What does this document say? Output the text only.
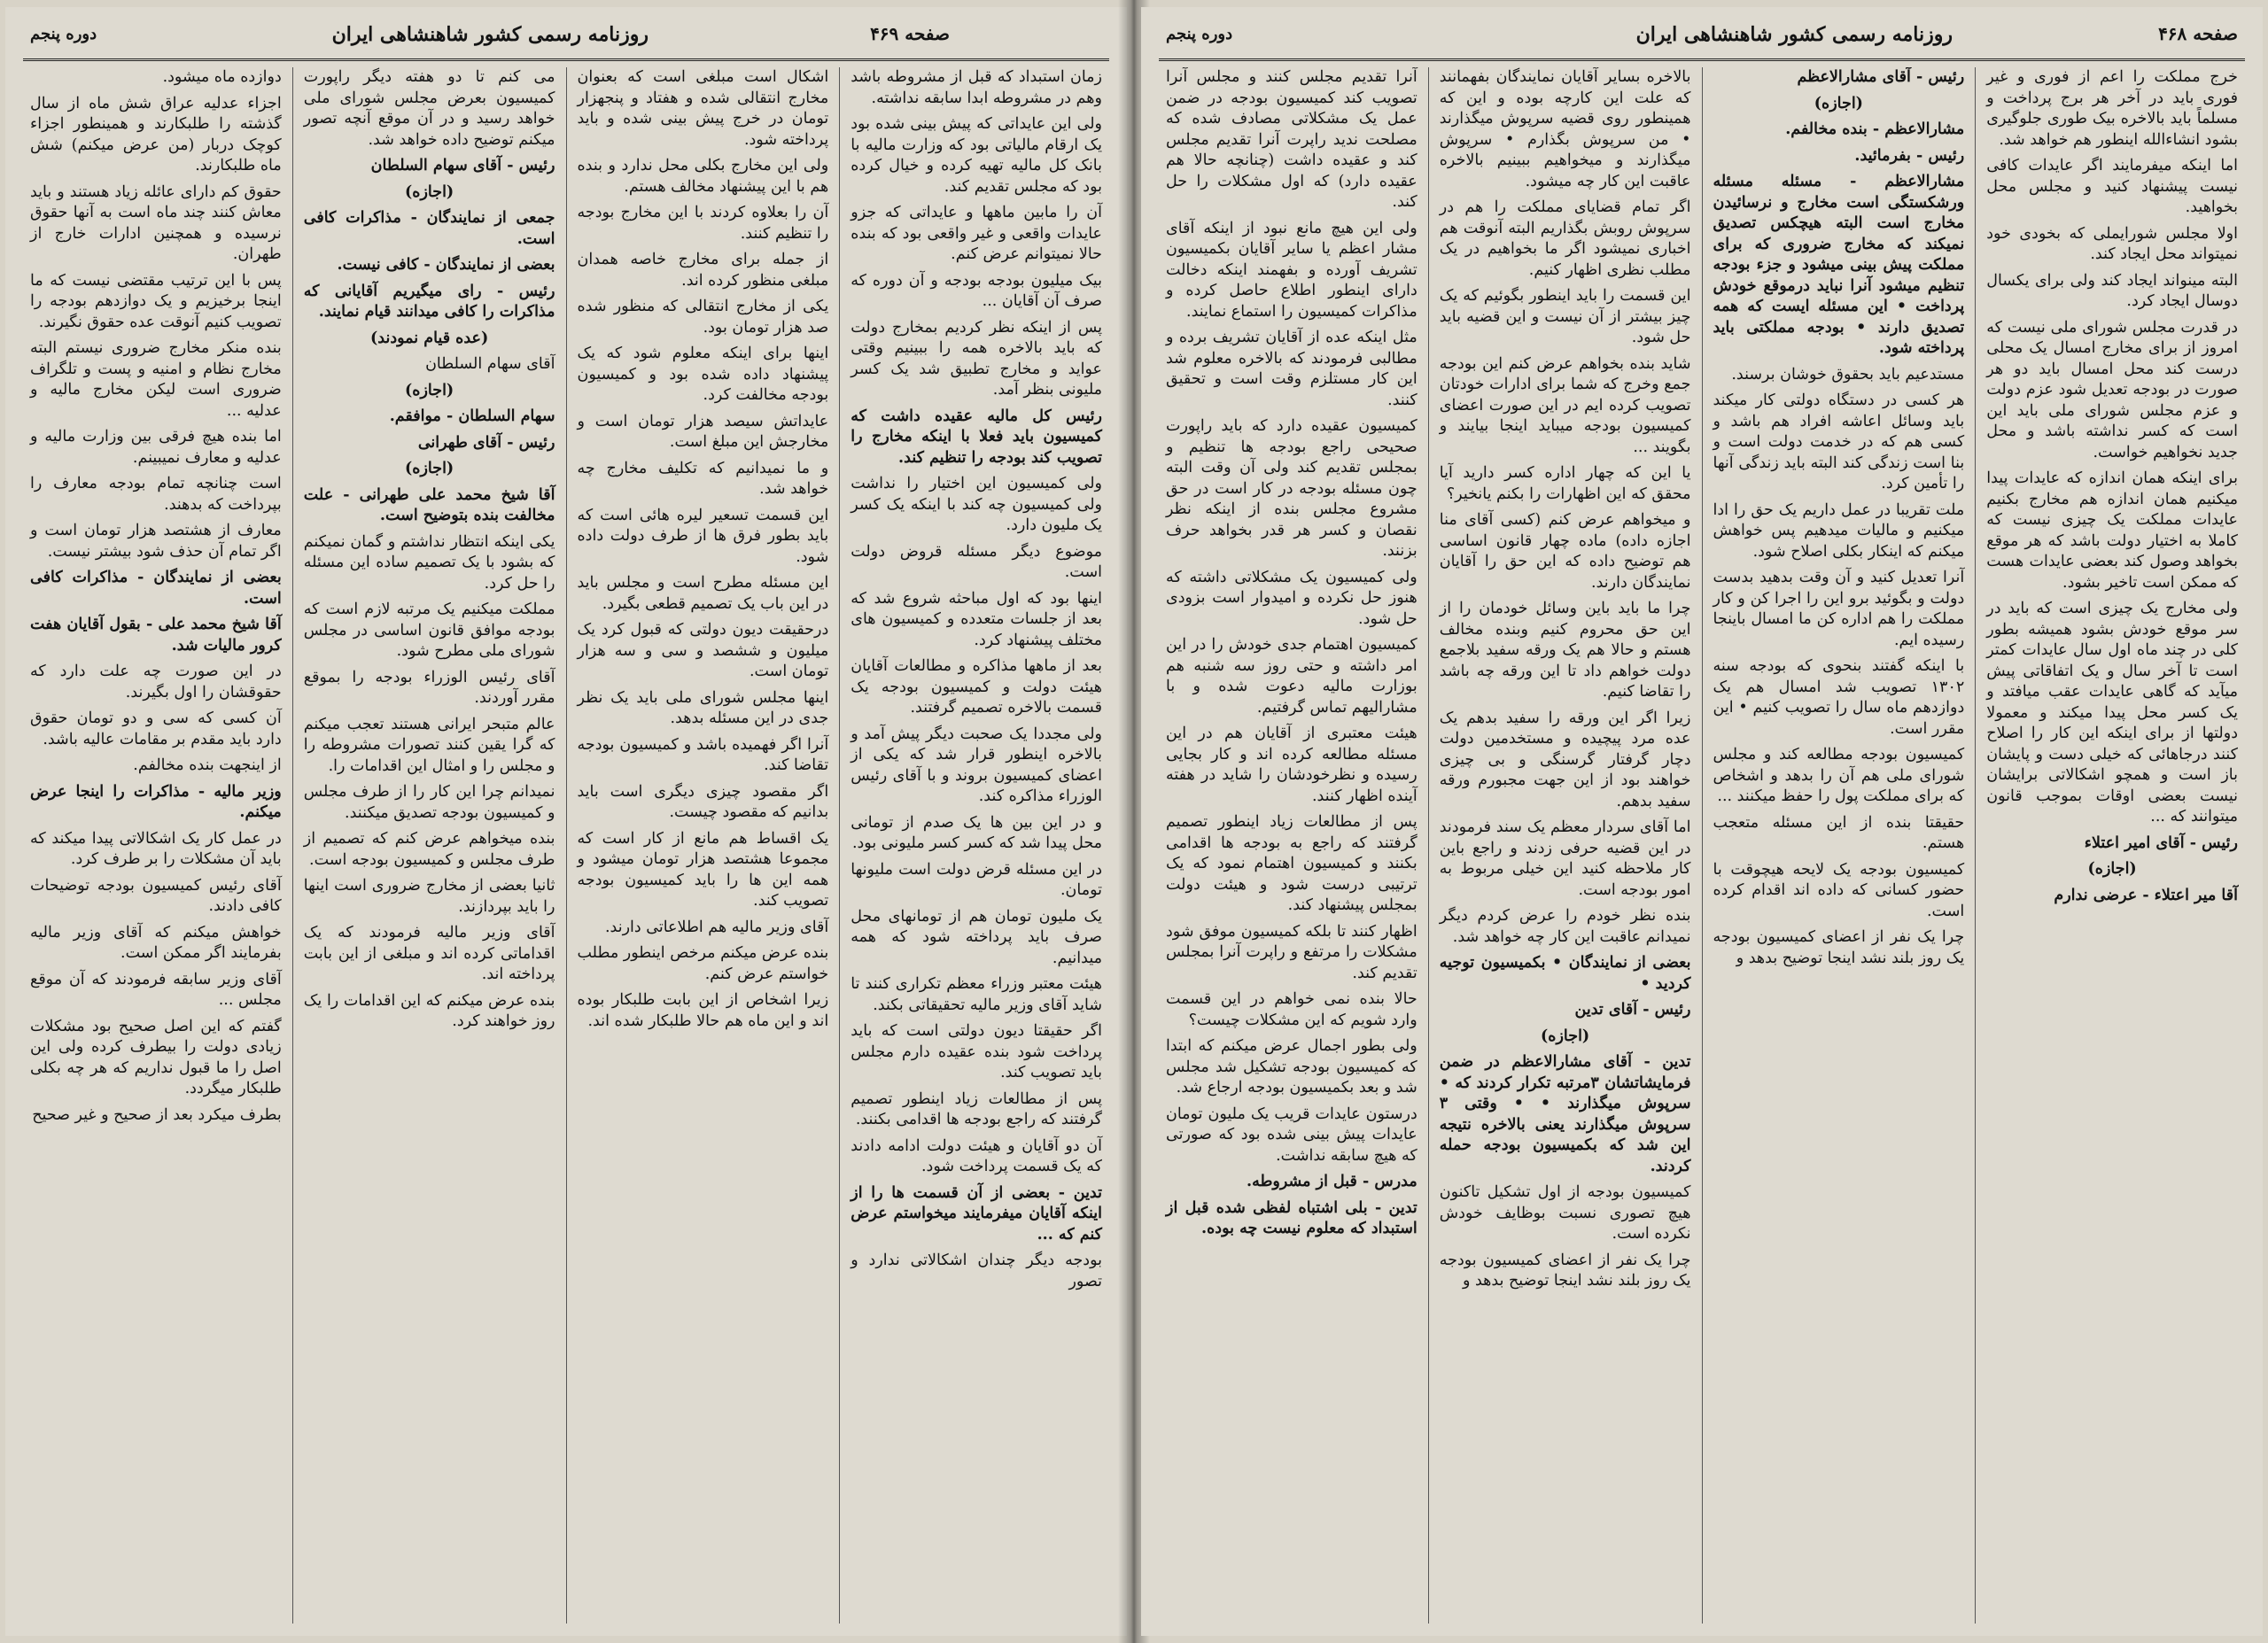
صفحه ۴۶۹
روزنامه رسمی کشور شاهنشاهی ایران
دوره پنجم

زمان استبداد که قبل از مشروطه باشد وهم در مشروطه ابدا سابقه نداشته.

ولی این عایداتی که پیش بینی شده بود یک ارقام مالیاتی بود که وزارت مالیه با بانک کل مالیه تهیه کرده و خیال کرده بود که مجلس تقدیم کند.

آن را مابین ماهها و عایداتی که جزو عایدات واقعی و غیر واقعی بود که بنده حالا نمیتوانم عرض کنم.

بیک میلیون بودجه بودجه و آن دوره که صرف آن آقایان ...

پس از اینکه نظر کردیم بمخارج دولت که باید بالاخره همه را ببینیم وقتی عواید و مخارج تطبیق شد یک کسر ملیونی بنظر آمد.

رئیس کل مالیه عقیده داشت که کمیسیون باید فعلا با اینکه مخارج را تصویب کند بودجه را تنظیم کند.

ولی کمیسیون این اختیار را نداشت ولی کمیسیون چه کند با اینکه یک کسر یک ملیون دارد.

موضوع دیگر مسئله قروض دولت است.

اینها بود که اول مباحثه شروع شد که بعد از جلسات متعدده و کمیسیون های مختلف پیشنهاد کرد.

بعد از ماهها مذاکره و مطالعات آقایان هیئت دولت و کمیسیون بودجه یک قسمت بالاخره تصمیم گرفتند.

ولی مجددا یک صحبت دیگر پیش آمد و بالاخره اینطور قرار شد که یکی از اعضای کمیسیون بروند و با آقای رئیس الوزراء مذاکره کند.

و در این بین ها یک صدم از تومانی محل پیدا شد که کسر کسر ملیونی بود.

در این مسئله قرض دولت است ملیونها تومان.

یک ملیون تومان هم از تومانهای محل صرف باید پرداخته شود که همه میدانیم.

هیئت معتبر وزراء معظم تکراری کنند تا شاید آقای وزیر مالیه تحقیقاتی بکند.

اگر حقیقتا دیون دولتی است که باید پرداخت شود بنده عقیده دارم مجلس باید تصویب کند.

پس از مطالعات زیاد اینطور تصمیم گرفتند که راجع بودجه ها اقدامی بکنند.

آن دو آقایان و هیئت دولت ادامه دادند که یک قسمت پرداخت شود.

تدین - بعضی از آن قسمت ها را از اینکه آقایان میفرمایند میخواستم عرض کنم که ...

بودجه دیگر چندان اشکالاتی ندارد و تصور

اشکال است مبلغی است که بعنوان مخارج انتقالی شده و هفتاد و پنجهزار تومان در خرج پیش بینی شده و باید پرداخته شود.

ولی این مخارج بکلی محل ندارد و بنده هم با این پیشنهاد مخالف هستم.

آن را بعلاوه کردند با این مخارج بودجه را تنظیم کنند.

از جمله برای مخارج خاصه همدان مبلغی منظور کرده اند.

یکی از مخارج انتقالی که منظور شده صد هزار تومان بود.

اینها برای اینکه معلوم شود که یک پیشنهاد داده شده بود و کمیسیون بودجه مخالفت کرد.

عایداتش سیصد هزار تومان است و مخارجش این مبلغ است.

و ما نمیدانیم که تکلیف مخارج چه خواهد شد.

این قسمت تسعیر لیره هائی است که باید بطور فرق ها از طرف دولت داده شود.

این مسئله مطرح است و مجلس باید در این باب یک تصمیم قطعی بگیرد.

درحقیقت دیون دولتی که قبول کرد یک میلیون و ششصد و سی و سه هزار تومان است.

اینها مجلس شورای ملی باید یک نظر جدی در این مسئله بدهد.

آنرا اگر فهمیده باشد و کمیسیون بودجه تقاضا کند.

اگر مقصود چیزی دیگری است باید بدانیم که مقصود چیست.

یک اقساط هم مانع از کار است که مجموعا هشتصد هزار تومان میشود و همه این ها را باید کمیسیون بودجه تصویب کند.

آقای وزیر مالیه هم اطلاعاتی دارند.

بنده عرض میکنم مرخص اینطور مطلب خواستم عرض کنم.

زیرا اشخاص از این بابت طلبکار بوده اند و این ماه هم حالا طلبکار شده اند.

می کنم تا دو هفته دیگر راپورت کمیسیون بعرض مجلس شورای ملی خواهد رسید و در آن موقع آنچه تصور میکنم توضیح داده خواهد شد.

رئیس - آقای سهام السلطان

(اجازه)

جمعی از نمایندگان - مذاکرات کافی است.

بعضی از نمایندگان - کافی نیست.

رئیس - رای میگیریم آقایانی که مذاکرات را کافی میدانند قیام نمایند.

(عده قیام نمودند)

آقای سهام السلطان

(اجازه)

سهام السلطان - موافقم.

رئیس - آقای طهرانی

(اجازه)

آقا شیخ محمد علی طهرانی - علت مخالفت بنده بتوضیح است.

یکی اینکه انتظار نداشتم و گمان نمیکنم که بشود با یک تصمیم ساده این مسئله را حل کرد.

مملکت میکنیم یک مرتبه لازم است که بودجه موافق قانون اساسی در مجلس شورای ملی مطرح شود.

آقای رئیس الوزراء بودجه را بموقع مقرر آوردند.

عالم متبحر ایرانی هستند تعجب میکنم که گرا یقین کنند تصورات مشروطه را و مجلس را و امثال این اقدامات را.

نمیدانم چرا این کار را از طرف مجلس و کمیسیون بودجه تصدیق میکنند.

بنده میخواهم عرض کنم که تصمیم از طرف مجلس و کمیسیون بودجه است.

ثانیا بعضی از مخارج ضروری است اینها را باید بپردازند.

آقای وزیر مالیه فرمودند که یک اقداماتی کرده اند و مبلغی از این بابت پرداخته اند.

بنده عرض میکنم که این اقدامات را یک روز خواهند کرد.

دوازده ماه میشود.

اجزاء عدلیه عراق شش ماه از سال گذشته را طلبکارند و همینطور اجزاء کوچک دربار (من عرض میکنم) شش ماه طلبکارند.

حقوق کم دارای عائله زیاد هستند و باید معاش کنند چند ماه است به آنها حقوق نرسیده و همچنین ادارات خارج از طهران.

پس با این ترتیب مقتضی نیست که ما اینجا برخیزیم و یک دوازدهم بودجه را تصویب کنیم آنوقت عده حقوق نگیرند.

بنده منکر مخارج ضروری نیستم البته مخارج نظام و امنیه و پست و تلگراف ضروری است لیکن مخارج مالیه و عدلیه ...

اما بنده هیچ فرقی بین وزارت مالیه و عدلیه و معارف نمیبینم.

است چنانچه تمام بودجه معارف را بپرداخت که بدهند.

معارف از هشتصد هزار تومان است و اگر تمام آن حذف شود بیشتر نیست.

بعضی از نمایندگان - مذاکرات کافی است.

آقا شیخ محمد علی - بقول آقایان هفت کرور مالیات شد.

در این صورت چه علت دارد که حقوقشان را اول بگیرند.

آن کسی که سی و دو تومان حقوق دارد باید مقدم بر مقامات عالیه باشد.

از اینجهت بنده مخالفم.

وزیر مالیه - مذاکرات را اینجا عرض میکنم.

در عمل کار یک اشکالاتی پیدا میکند که باید آن مشکلات را بر طرف کرد.

آقای رئیس کمیسیون بودجه توضیحات کافی دادند.

خواهش میکنم که آقای وزیر مالیه بفرمایند اگر ممکن است.

آقای وزیر سابقه فرمودند که آن موقع مجلس ...

گفتم که این اصل صحیح بود مشکلات زیادی دولت را بیطرف کرده ولی این اصل را ما قبول نداریم که هر چه بکلی طلبکار میگردد.

بطرف میکرد بعد از صحیح و غیر صحیح

صفحه ۴۶۸
روزنامه رسمی کشور شاهنشاهی ایران
دوره پنجم

خرج مملکت را اعم از فوری و غیر فوری باید در آخر هر برج پرداخت و مسلماً باید بالاخره بیک طوری جلوگیری بشود انشاءالله اینطور هم خواهد شد.

اما اینکه میفرمایند اگر عایدات کافی نیست پیشنهاد کنید و مجلس محل بخواهید.

اولا مجلس شورایملی که بخودی خود نمیتواند محل ایجاد کند.

البته مینواند ایجاد کند ولی برای یکسال دوسال ایجاد کرد.

در قدرت مجلس شورای ملی نیست که امروز از برای مخارج امسال یک محلی درست کند محل امسال باید دو هر صورت در بودجه تعدیل شود عزم دولت و عزم مجلس شورای ملی باید این است که کسر نداشته باشد و محل جدید نخواهیم خواست.

برای اینکه همان اندازه که عایدات پیدا میکنیم همان اندازه هم مخارج بکنیم عایدات مملکت یک چیزی نیست که کاملا به اختیار دولت باشد که هر موقع بخواهد وصول کند بعضی عایدات هست که ممکن است تاخیر بشود.

ولی مخارج یک چیزی است که باید در سر موقع خودش بشود همیشه بطور کلی در چند ماه اول سال عایدات کمتر است تا آخر سال و یک اتفاقاتی پیش میآید که گاهی عایدات عقب میافتد و یک کسر محل پیدا میکند و معمولا دولتها از برای اینکه این کار را اصلاح کنند درجاهائی که خیلی دست و پایشان باز است و همچو اشکالاتی برایشان نیست بعضی اوقات بموجب قانون میتوانند که ...

رئیس - آقای امیر اعتلاء

(اجازه)

آقا میر اعتلاء - عرضی ندارم

رئیس - آقای مشارالاعظم

(اجازه)

مشارالاعظم - بنده مخالفم.

رئیس - بفرمائید.

مشارالاعظم - مسئله مسئله ورشکستگی است مخارج و نرسائیدن مخارج است البته هیچکس تصدیق نمیکند که مخارج ضروری که برای مملکت پیش بینی میشود و جزء بودجه تنظیم میشود آنرا نباید درموقع خودش پرداخت • این مسئله ایست که همه تصدیق دارند • بودجه مملکتی باید پرداخته شود.

مستدعیم باید بحقوق خوشان برسند.

هر کسی در دستگاه دولتی کار میکند باید وسائل اعاشه افراد هم باشد و کسی هم که در خدمت دولت است و بنا است زندگی کند البته باید زندگی آنها را تأمین کرد.

ملت تقریبا در عمل داریم یک حق را ادا میکنیم و مالیات میدهیم پس خواهش میکنم که اینکار بکلی اصلاح شود.

آنرا تعدیل کنید و آن وقت بدهید بدست دولت و بگوئید برو این را اجرا کن و کار مملکت را هم اداره کن ما امسال باینجا رسیده ایم.

با اینکه گفتند بنحوی که بودجه سنه ۱۳۰۲ تصویب شد امسال هم یک دوازدهم ماه سال را تصویب کنیم • این مقرر است.

کمیسیون بودجه مطالعه کند و مجلس شورای ملی هم آن را بدهد و اشخاص که برای مملکت پول را حفظ میکنند ...

حقیقتا بنده از این مسئله متعجب هستم.

کمیسیون بودجه یک لایحه هیچوقت با حضور کسانی که داده اند اقدام کرده است.

چرا یک نفر از اعضای کمیسیون بودجه یک روز بلند نشد اینجا توضیح بدهد و

بالاخره بسایر آقایان نمایندگان بفهمانند که علت این کارچه بوده و این که همینطور روی قضیه سرپوش میگذارند • من سرپوش بگذارم • سرپوش میگذارند و میخواهیم ببینیم بالاخره عاقبت این کار چه میشود.

اگر تمام قضایای مملکت را هم در سرپوش روبش بگذاریم البته آنوقت هم اخباری نمیشود اگر ما بخواهیم در یک مطلب نظری اظهار کنیم.

این قسمت را باید اینطور بگوئیم که یک چیز بیشتر از آن نیست و این قضیه باید حل شود.

شاید بنده بخواهم عرض کنم این بودجه جمع وخرج که شما برای ادارات خودتان تصویب کرده ایم در این صورت اعضای کمیسیون بودجه میباید اینجا بیایند و بگویند ...

یا این که چهار اداره کسر دارید آیا محقق که این اظهارات را بکنم یانخیر؟

و میخواهم عرض کنم (کسی آقای منا اجازه داده) ماده چهار قانون اساسی هم توضیح داده که این حق را آقایان نمایندگان دارند.

چرا ما باید باین وسائل خودمان را از این حق محروم کنیم وبنده مخالف هستم و حالا هم یک ورقه سفید بلاجمع دولت خواهم داد تا این ورقه چه باشد را تقاضا کنیم.

زیرا اگر این ورقه را سفید بدهم یک عده مرد پیچیده و مستخدمین دولت دچار گرفتار گرسنگی و بی چیزی خواهند بود از این جهت مجبورم ورقه سفید بدهم.

اما آقای سردار معظم یک سند فرمودند در این قضیه حرفی زدند و راجع باین کار ملاحظه کنید این خیلی مربوط به امور بودجه است.

بنده نظر خودم را عرض کردم دیگر نمیدانم عاقبت این کار چه خواهد شد.

بعضی از نمایندگان • بکمیسیون توجیه کردید •

رئیس - آقای تدین

(اجازه)

تدین - آقای مشارالاعظم در ضمن فرمایشاتشان ۳مرتبه تکرار کردند که • سرپوش میگذارند • • وقتی ۳ سرپوش میگذارند یعنی بالاخره نتیجه این شد که بکمیسیون بودجه حمله کردند.

کمیسیون بودجه از اول تشکیل تاکنون هیچ تصوری نسبت بوظایف خودش نکرده است.

چرا یک نفر از اعضای کمیسیون بودجه یک روز بلند نشد اینجا توضیح بدهد و

آنرا تقدیم مجلس کنند و مجلس آنرا تصویب کند کمیسیون بودجه در ضمن عمل یک مشکلاتی مصادف شده که مصلحت ندید راپرت آنرا تقدیم مجلس کند و عقیده داشت (چنانچه حالا هم عقیده دارد) که اول مشکلات را حل کند.

ولی این هیچ مانع نبود از اینکه آقای مشار اعظم یا سایر آقایان بکمیسیون تشریف آورده و بفهمند اینکه دخالت دارای اینطور اطلاع حاصل کرده و مذاکرات کمیسیون را استماع نمایند.

مثل اینکه عده از آقایان تشریف برده و مطالبی فرمودند که بالاخره معلوم شد این کار مستلزم وقت است و تحقیق کنند.

کمیسیون عقیده دارد که باید راپورت صحیحی راجع بودجه ها تنظیم و بمجلس تقدیم کند ولی آن وقت البته چون مسئله بودجه در کار است در حق مشروع مجلس بنده از اینکه نظر نقصان و کسر هر قدر بخواهد حرف بزنند.

ولی کمیسیون یک مشکلاتی داشته که هنوز حل نکرده و امیدوار است بزودی حل شود.

کمیسیون اهتمام جدی خودش را در این امر داشته و حتی روز سه شنبه هم بوزارت مالیه دعوت شده و با مشارالیهم تماس گرفتیم.

هیئت معتبری از آقایان هم در این مسئله مطالعه کرده اند و کار بجایی رسیده و نظرخودشان را شاید در هفته آینده اظهار کنند.

پس از مطالعات زیاد اینطور تصمیم گرفتند که راجع به بودجه ها اقدامی بکنند و کمیسیون اهتمام نمود که یک ترتیبی درست شود و هیئت دولت بمجلس پیشنهاد کند.

اظهار کنند تا بلکه کمیسیون موفق شود مشکلات را مرتفع و راپرت آنرا بمجلس تقدیم کند.

حالا بنده نمی خواهم در این قسمت وارد شویم که این مشکلات چیست؟

ولی بطور اجمال عرض میکنم که ابتدا که کمیسیون بودجه تشکیل شد مجلس شد و بعد بکمیسیون بودجه ارجاع شد.

درستون عایدات قریب یک ملیون تومان عایدات پیش بینی شده بود که صورتی که هیچ سابقه نداشت.

مدرس - قبل از مشروطه.

تدین - بلی اشتباه لفظی شده قبل از استبداد که معلوم نیست چه بوده.
